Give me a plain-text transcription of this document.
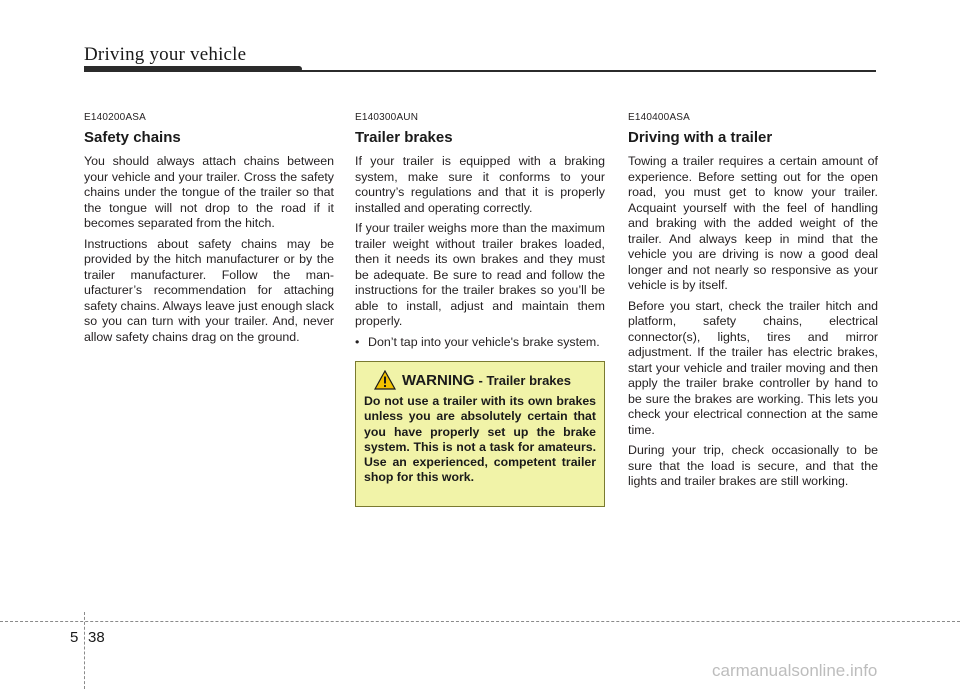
Driving your vehicle
E140200ASA
Safety chains

You should always attach chains between your vehicle and your trailer. Cross the safety chains under the tongue of the trailer so that the tongue will not drop to the road if it becomes separated from the hitch.

Instructions about safety chains may be provided by the hitch manufacturer or by the trailer manufacturer. Follow the manufacturer’s recommendation for attaching safety chains. Always leave just enough slack so you can turn with your trailer. And, never allow safety chains drag on the ground.

E140300AUN
Trailer brakes

If your trailer is equipped with a braking system, make sure it conforms to your country’s regulations and that it is properly installed and operating correctly.

If your trailer weighs more than the maximum trailer weight without trailer brakes loaded, then it needs its own brakes and they must be adequate. Be sure to read and follow the instructions for the trailer brakes so you’ll be able to install, adjust and maintain them properly.

• Don’t tap into your vehicle's brake system.
WARNING - Trailer brakes

Do not use a trailer with its own brakes unless you are absolutely certain that you have properly set up the brake system. This is not a task for amateurs. Use an experienced, competent trailer shop for this work.

E140400ASA
Driving with a trailer

Towing a trailer requires a certain amount of experience. Before setting out for the open road, you must get to know your trailer. Acquaint yourself with the feel of handling and braking with the added weight of the trailer. And always keep in mind that the vehicle you are driving is now a good deal longer and not nearly so responsive as your vehicle is by itself.

Before you start, check the trailer hitch and platform, safety chains, electrical connector(s), lights, tires and mirror adjustment. If the trailer has electric brakes, start your vehicle and trailer moving and then apply the trailer brake controller by hand to be sure the brakes are working. This lets you check your electrical connection at the same time.

During your trip, check occasionally to be sure that the load is secure, and that the lights and trailer brakes are still working.

5 38
carmanualsonline.info
